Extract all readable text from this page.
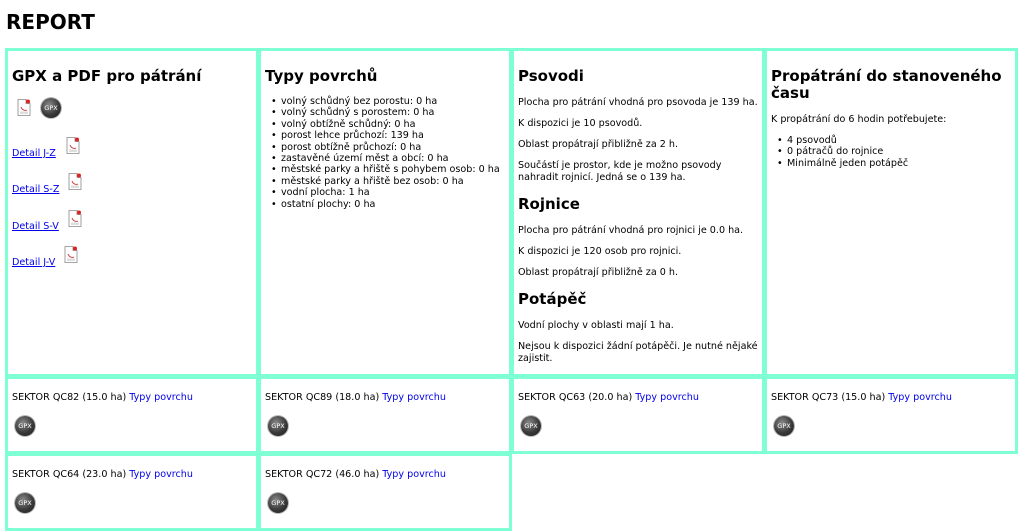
REPORT
GPX a PDF pro pátrání
GPX
Detail J-Z
Detail S-Z
Detail S-V
Detail J-V
Typy povrchů
• volný schůdný bez porostu: 0 ha
• volný schůdný s porostem: 0 ha
• volný obtížně schůdný: 0 ha
• porost lehce průchozí: 139 ha
• porost obtížně průchozí: 0 ha
• zastavěné území měst a obcí: 0 ha
• městské parky a hřiště s pohybem osob: 0 ha
• městské parky a hřiště bez osob: 0 ha
• vodní plocha: 1 ha
• ostatní plochy: 0 ha
Psovodi

Plocha pro pátrání vhodná pro psovoda je 139 ha.

K dispozici je 10 psovodů.

Oblast propátrají přibližně za 2 h.

Součástí je prostor, kde je možno psovody nahradit rojnicí. Jedná se o 139 ha.

Rojnice

Plocha pro pátrání vhodná pro rojnici je 0.0 ha.

K dispozici je 120 osob pro rojnici.

Oblast propátrají přibližně za 0 h.

Potápěč

Vodní plochy v oblasti mají 1 ha.

Nejsou k dispozici žádní potápěči. Je nutné nějaké zajistit.

Propátrání do stanoveného času

K propátrání do 6 hodin potřebujete:

• 4 psovodů
• 0 pátračů do rojnice
• Minimálně jeden potápěč

SEKTOR QC82 (15.0 ha) Typy povrchu

GPX

SEKTOR QC89 (18.0 ha) Typy povrchu

GPX

SEKTOR QC63 (20.0 ha) Typy povrchu

GPX

SEKTOR QC73 (15.0 ha) Typy povrchu

GPX

SEKTOR QC64 (23.0 ha) Typy povrchu

GPX

SEKTOR QC72 (46.0 ha) Typy povrchu

GPX
